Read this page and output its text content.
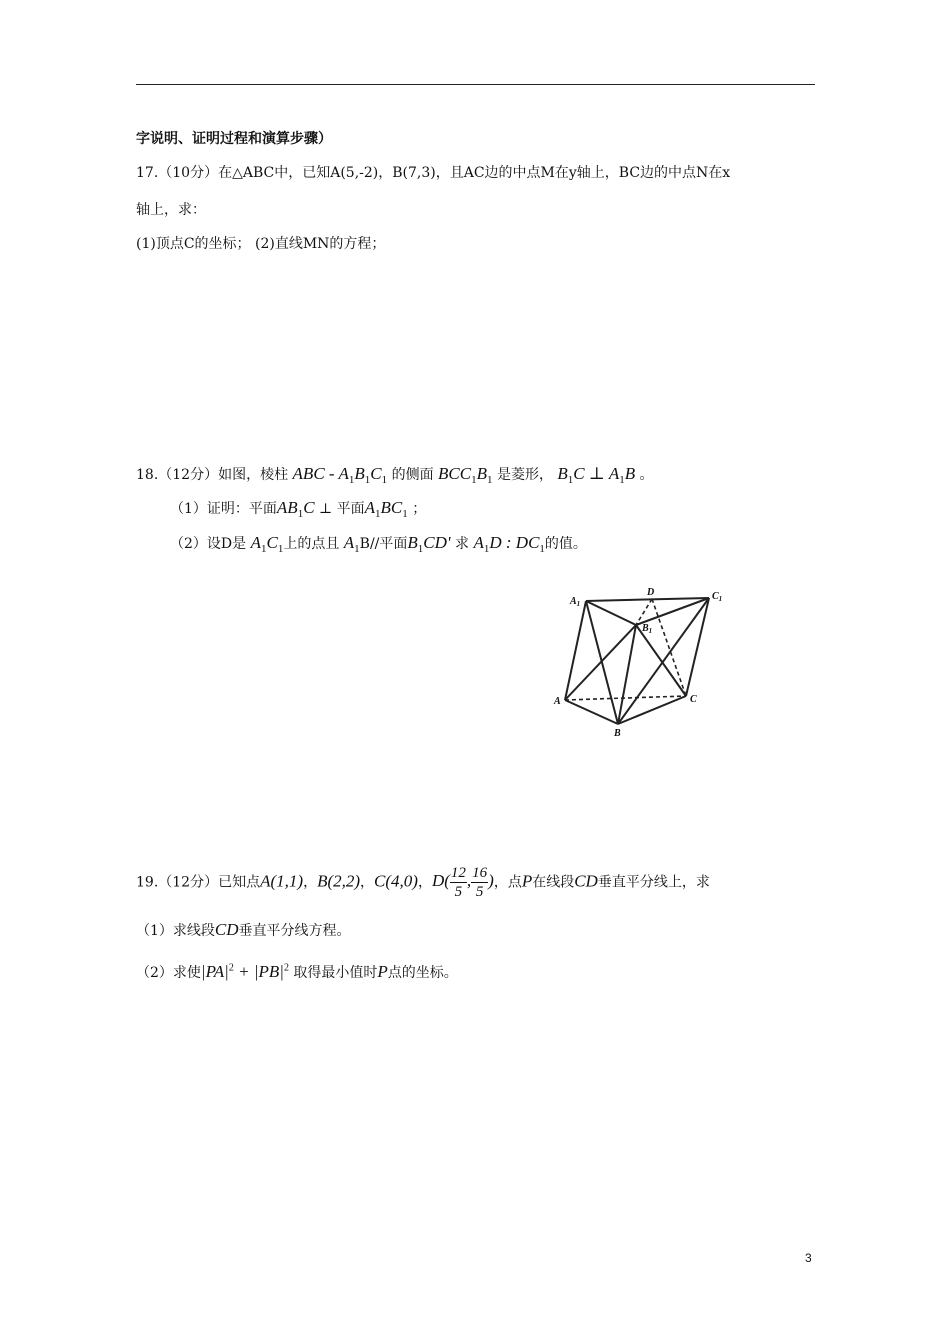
字说明、证明过程和演算步骤）
17.（10分）在△ABC中，已知A(5,-2)，B(7,3)，且AC边的中点M在y轴上，BC边的中点N在x
轴上，求：
(1)顶点C的坐标； (2)直线MN的方程；
18.（12分）如图，棱柱 ABC - $A_1B_1C_1$ 的侧面 $BCC_1B_1$ 是菱形， $B_1C$ ⊥ $A_1B$ 。
（1）证明：平面$AB_1C$ ⊥ 平面$A_1BC_1$ ；
（2）设D是 $A_1C_1$上的点且 $A_1B//$平面$B_1CD'$ 求 $A_1D$ : $DC_1$的值。
$A_1$
D	$C_1$
$B_1$
A
B
C
19.（12分）已知点A(1,1)，B(2,2)，C(4,0)，$D( \frac{12}{5}$ , $\frac{16}{5}$ )，点P在线段CD垂直平分线上，求
（1）求线段CD垂直平分线方程。
（2）求使$|PA|^2 + |PB|^2$ 取得最小值时P点的坐标。
3
